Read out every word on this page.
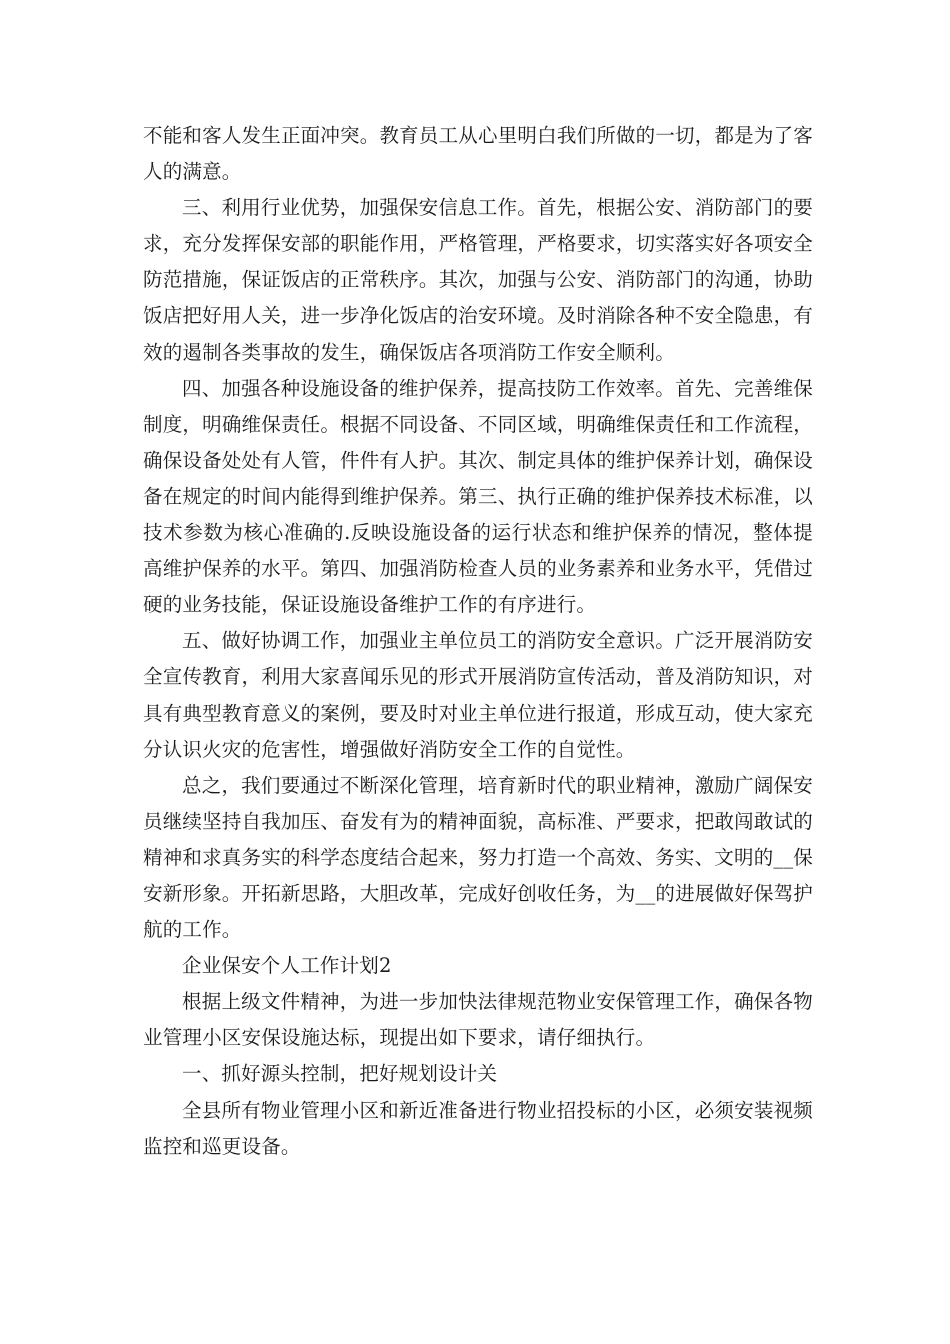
不能和客人发生正面冲突。教育员工从心里明白我们所做的一切，都是为了客人的满意。

三、利用行业优势，加强保安信息工作。首先，根据公安、消防部门的要求，充分发挥保安部的职能作用，严格管理，严格要求，切实落实好各项安全防范措施，保证饭店的正常秩序。其次，加强与公安、消防部门的沟通，协助饭店把好用人关，进一步净化饭店的治安环境。及时消除各种不安全隐患，有效的遏制各类事故的发生，确保饭店各项消防工作安全顺利。

四、加强各种设施设备的维护保养，提高技防工作效率。首先、完善维保制度，明确维保责任。根据不同设备、不同区域，明确维保责任和工作流程，确保设备处处有人管，件件有人护。其次、制定具体的维护保养计划，确保设备在规定的时间内能得到维护保养。第三、执行正确的维护保养技术标准，以技术参数为核心准确的.反映设施设备的运行状态和维护保养的情况，整体提高维护保养的水平。第四、加强消防检查人员的业务素养和业务水平，凭借过硬的业务技能，保证设施设备维护工作的有序进行。

五、做好协调工作，加强业主单位员工的消防安全意识。广泛开展消防安全宣传教育，利用大家喜闻乐见的形式开展消防宣传活动，普及消防知识，对具有典型教育意义的案例，要及时对业主单位进行报道，形成互动，使大家充分认识火灾的危害性，增强做好消防安全工作的自觉性。

总之，我们要通过不断深化管理，培育新时代的职业精神，激励广阔保安员继续坚持自我加压、奋发有为的精神面貌，高标准、严要求，把敢闯敢试的精神和求真务实的科学态度结合起来，努力打造一个高效、务实、文明的__保安新形象。开拓新思路，大胆改革，完成好创收任务，为__的进展做好保驾护航的工作。

企业保安个人工作计划2

根据上级文件精神，为进一步加快法律规范物业安保管理工作，确保各物业管理小区安保设施达标，现提出如下要求，请仔细执行。

一、抓好源头控制，把好规划设计关

全县所有物业管理小区和新近准备进行物业招投标的小区，必须安装视频监控和巡更设备。
